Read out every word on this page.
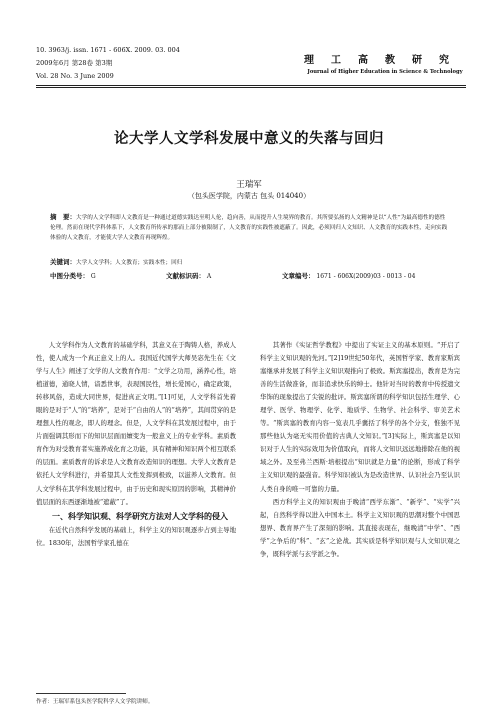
10. 3963/j. issn. 1671 - 606X. 2009. 03. 004
2009年6月 第28卷 第3期
Vol. 28 No. 3 June 2009
理工高教研究
Journal of Higher Education in Science & Technology
论大学人文学科发展中意义的失落与回归
王瑞军
（包头医学院，内蒙古 包头 014040）
摘　要：大学的人文学科即人文教育是一种通过道德实践达至明人伦，趋向善，从而提升人生境界的教育。其所要弘扬的人文精神是以“人性”为最高德性的德性伦理。然而在现代学科体系下，人文教育所传承的那而上部分被限制了，人文教育的实践性被遮蔽了。因此，必须回归人文知识、人文教育的实践本性，走向实践体验的人文教育，才能使大学人文教育再现辉煌。
关键词：大学人文学科；人文教育；实践本性；回归
中图分类号： G	文献标识码： A	文章编号： 1671 - 606X(2009)03 - 0013 - 04

人文学科作为人文教育的基础学科，其意义在于陶铸人格，养成人性，使人成为一个真正意义上的人。我国近代国学大师吴宓先生在《文学与人生》阐述了文学的人文教育作用：“文学之功用，涵养心性，培植道德，通晓人情，谙悉世事，表现国民性，增长爱国心，确定政策，转移风俗，造成大同世界，促进真正文明。”[1]可见，人文学科首先着眼的是对于“人”的“培养”，是对于“自由的人”的“培养”，其间贯穿的是理想人性的观念，即人的理念。但是，人文学科在其发展过程中，由于片面强调其形而下的知识层面而嬗变为一般意义上的专业学科。素质教育作为对受教育者实施养成化育之功能，具有精神和知识两个相互联系的层面。素质教育的诉求是人文教育改造知识的理想。大学人文教育是依托人文学科进行，并希望其人文性发挥到极致，以滋养人文教育。但人文学科在其学科发展过程中，由于历史和现实原因的影响，其精神价值层面的东西逐渐地被“遮蔽”了。

一、科学知识观、科学研究方法对人文学科的侵入

在近代自然科学发展的基础上，科学主义的知识观逐步占到主导地位。1830年，法国哲学家孔德在

其著作《实证哲学教程》中提出了实证主义的基本原则。“开启了科学主义知识观的先河。”[2]19世纪50年代，英国哲学家、教育家斯宾塞继承并发展了科学主义知识观推向了极致。斯宾塞提出，教育是为完善的生活做准备，而非追求快乐的绅士。他针对当时的教育中传授遗文华饰的现象提出了尖锐的批评。斯宾塞所谓的科学知识包括生理学、心理学、医学、物理学、化学、地质学、生物学、社会科学、审美艺术等。“斯宾塞的教育内容一览表几乎囊括了科学的各个分支，惟独不见那些他认为毫无实用价值的古典人文知识。”[3]实际上，斯宾塞是以知识对于人生的实际效用为价值取向，而将人文知识远远地排除在他的视域之外。及至弗兰西斯·培根提出“知识就是力量”的论断，形成了科学主义知识观的最强音。科学知识被认为是改造世界、认识社会乃至认识人类自身的唯一可靠的力量。

西方科学主义的知识观由于晚清“西学东渐”、“新学”、“实学”兴起，自然科学得以进入中国本土。科学主义知识观的思潮对整个中国思想界、教育界产生了深刻的影响。其直接表现在，继晚清“中学”、“西学”之争后的“科”、“玄”之论战。其实质是科学知识观与人文知识观之争，既科学派与玄学派之争。

作者：王瑞军系包头医学院科学人文学院讲师。
